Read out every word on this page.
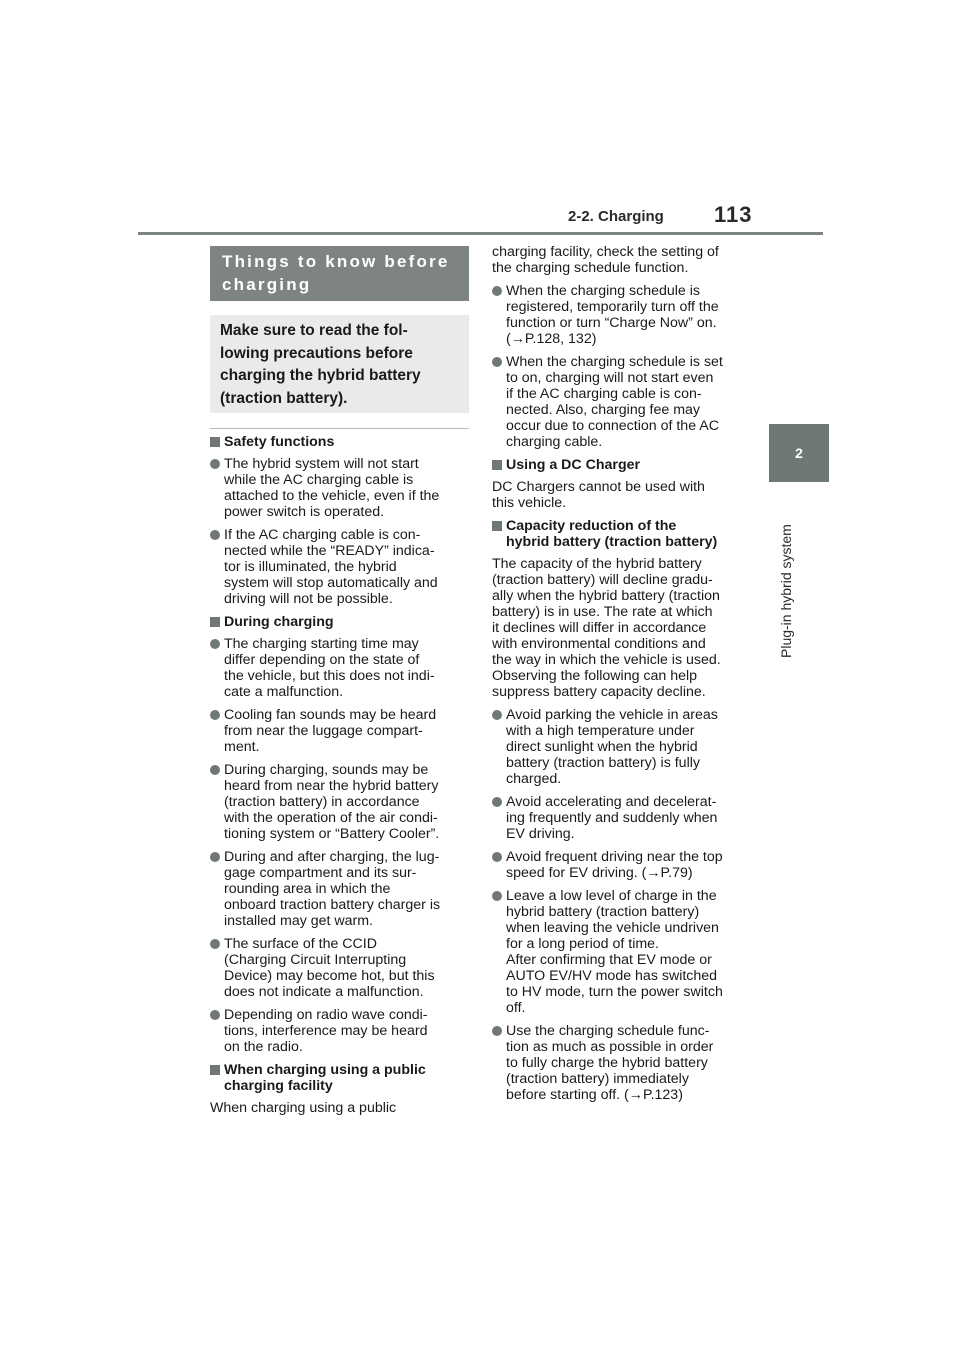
2-2. Charging 113
2
Plug-in hybrid system
Things to know before
charging
Make sure to read the fol-
lowing precautions before
charging the hybrid battery
(traction battery).
Safety functions
The hybrid system will not start
while the AC charging cable is
attached to the vehicle, even if the
power switch is operated.
If the AC charging cable is con-
nected while the “READY” indica-
tor is illuminated, the hybrid
system will stop automatically and
driving will not be possible.
During charging
The charging starting time may
differ depending on the state of
the vehicle, but this does not indi-
cate a malfunction.
Cooling fan sounds may be heard
from near the luggage compart-
ment.
During charging, sounds may be
heard from near the hybrid battery
(traction battery) in accordance
with the operation of the air condi-
tioning system or “Battery Cooler”.
During and after charging, the lug-
gage compartment and its sur-
rounding area in which the
onboard traction battery charger is
installed may get warm.
The surface of the CCID
(Charging Circuit Interrupting
Device) may become hot, but this
does not indicate a malfunction.
Depending on radio wave condi-
tions, interference may be heard
on the radio.
When charging using a public
charging facility
When charging using a public
charging facility, check the setting of
the charging schedule function.
When the charging schedule is
registered, temporarily turn off the
function or turn “Charge Now” on.
(→P.128, 132)
When the charging schedule is set
to on, charging will not start even
if the AC charging cable is con-
nected. Also, charging fee may
occur due to connection of the AC
charging cable.
Using a DC Charger
DC Chargers cannot be used with
this vehicle.
Capacity reduction of the
hybrid battery (traction battery)
The capacity of the hybrid battery
(traction battery) will decline gradu-
ally when the hybrid battery (traction
battery) is in use. The rate at which
it declines will differ in accordance
with environmental conditions and
the way in which the vehicle is used.
Observing the following can help
suppress battery capacity decline.
Avoid parking the vehicle in areas
with a high temperature under
direct sunlight when the hybrid
battery (traction battery) is fully
charged.
Avoid accelerating and decelerat-
ing frequently and suddenly when
EV driving.
Avoid frequent driving near the top
speed for EV driving. (→P.79)
Leave a low level of charge in the
hybrid battery (traction battery)
when leaving the vehicle undriven
for a long period of time.
After confirming that EV mode or
AUTO EV/HV mode has switched
to HV mode, turn the power switch
off.
Use the charging schedule func-
tion as much as possible in order
to fully charge the hybrid battery
(traction battery) immediately
before starting off. (→P.123)
